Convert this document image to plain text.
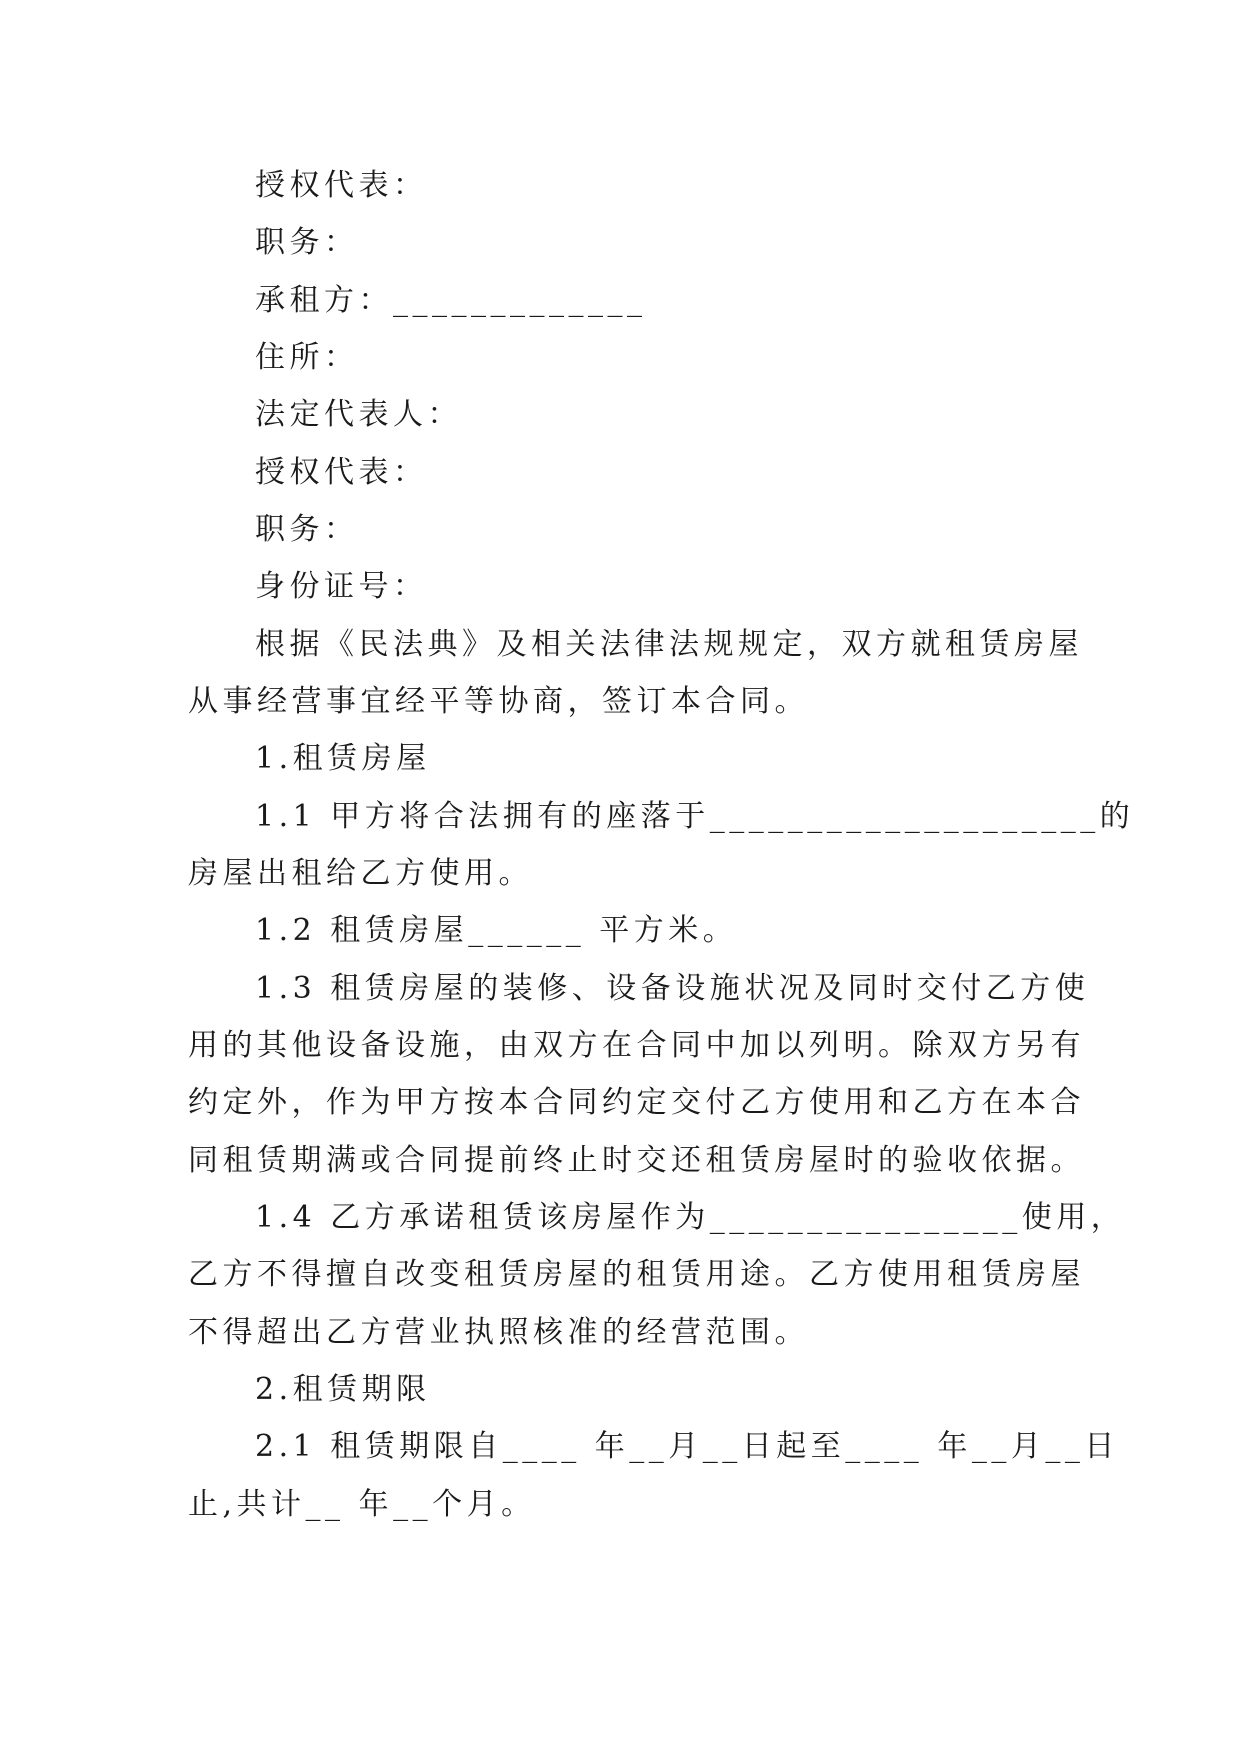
授权代表：
职务：
承租方：_____________
住所：
法定代表人：
授权代表：
职务：
身份证号：
根据《民法典》及相关法律法规规定，双方就租赁房屋
从事经营事宜经平等协商，签订本合同。
1.租赁房屋
1.1 甲方将合法拥有的座落于____________________的
房屋出租给乙方使用。
1.2 租赁房屋______ 平方米。
1.3 租赁房屋的装修、设备设施状况及同时交付乙方使
用的其他设备设施，由双方在合同中加以列明。除双方另有
约定外，作为甲方按本合同约定交付乙方使用和乙方在本合
同租赁期满或合同提前终止时交还租赁房屋时的验收依据。
1.4 乙方承诺租赁该房屋作为________________使用，
乙方不得擅自改变租赁房屋的租赁用途。乙方使用租赁房屋
不得超出乙方营业执照核准的经营范围。
2.租赁期限
2.1 租赁期限自____ 年__月__日起至____ 年__月__日
止,共计__ 年__个月。
